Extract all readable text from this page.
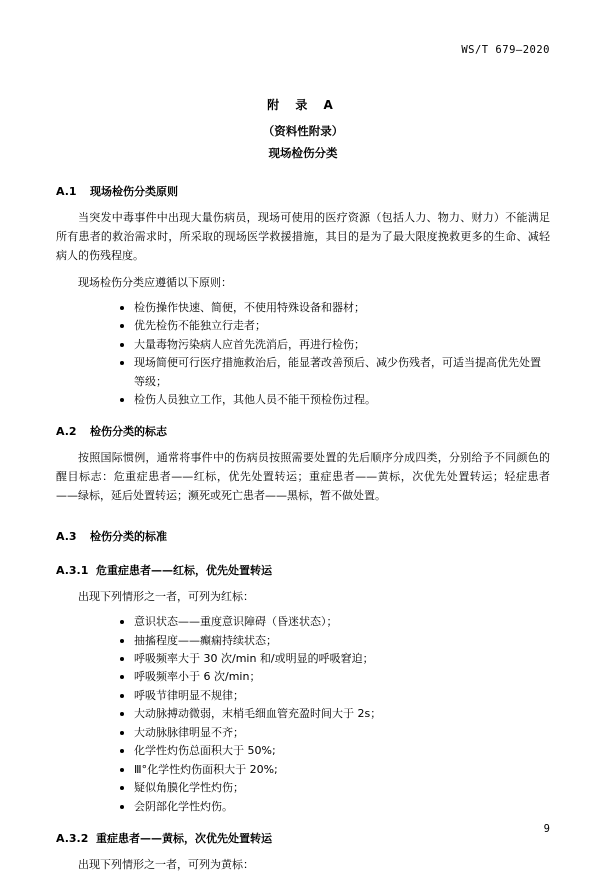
WS/T 679—2020
附 录 A
（资料性附录）
现场检伤分类
A.1 现场检伤分类原则

当突发中毒事件中出现大量伤病员，现场可使用的医疗资源（包括人力、物力、财力）不能满足所有患者的救治需求时，所采取的现场医学救援措施，其目的是为了最大限度挽救更多的生命、减轻病人的伤残程度。

现场检伤分类应遵循以下原则：

检伤操作快速、简便，不使用特殊设备和器材；
优先检伤不能独立行走者；
大量毒物污染病人应首先洗消后，再进行检伤；
现场简便可行医疗措施救治后，能显著改善预后、减少伤残者，可适当提高优先处置等级；
检伤人员独立工作，其他人员不能干预检伤过程。
A.2 检伤分类的标志

按照国际惯例，通常将事件中的伤病员按照需要处置的先后顺序分成四类，分别给予不同颜色的醒目标志：危重症患者——红标，优先处置转运；重症患者——黄标，次优先处置转运；轻症患者——绿标，延后处置转运；濒死或死亡患者——黑标，暂不做处置。

A.3 检伤分类的标准
A.3.1 危重症患者——红标，优先处置转运

出现下列情形之一者，可列为红标：

意识状态——重度意识障碍（昏迷状态）；
抽搐程度——癫痫持续状态；
呼吸频率大于 30 次/min 和/或明显的呼吸窘迫；
呼吸频率小于 6 次/min；
呼吸节律明显不规律；
大动脉搏动微弱，末梢毛细血管充盈时间大于 2s；
大动脉脉律明显不齐；
化学性灼伤总面积大于 50%;
Ⅲ°化学性灼伤面积大于 20%;
疑似角膜化学性灼伤；
会阴部化学性灼伤。
A.3.2 重症患者——黄标，次优先处置转运

出现下列情形之一者，可列为黄标：

9
